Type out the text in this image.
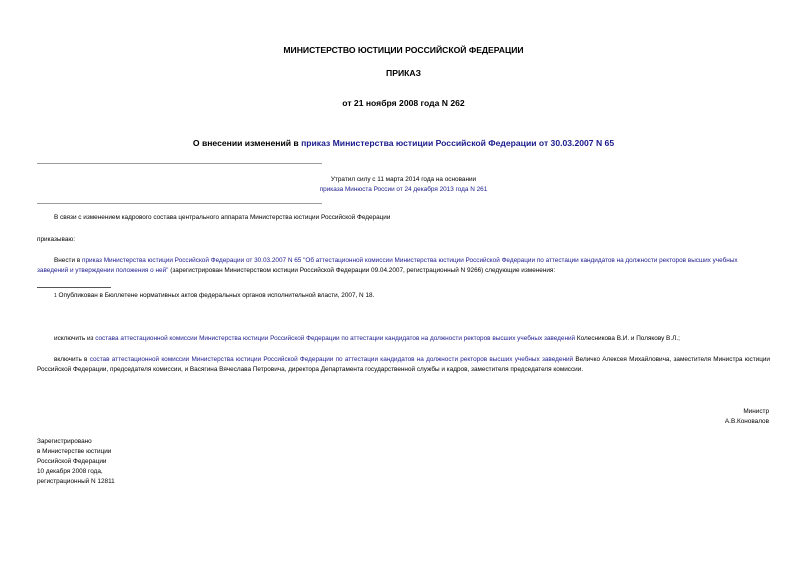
МИНИСТЕРСТВО ЮСТИЦИИ РОССИЙСКОЙ ФЕДЕРАЦИИ
ПРИКАЗ
от 21 ноября 2008 года N 262
О внесении изменений в приказ Министерства юстиции Российской Федерации от 30.03.2007 N 65
Утратил силу с 11 марта 2014 года на основании
приказа Минюста России от 24 декабря 2013 года N 261
В связи с изменением кадрового состава центрального аппарата Министерства юстиции Российской Федерации
приказываю:
Внести в приказ Министерства юстиции Российской Федерации от 30.03.2007 N 65 "Об аттестационной комиссии Министерства юстиции Российской Федерации по аттестации кандидатов на должности ректоров высших учебных заведений и утверждении положения о ней" (зарегистрирован Министерством юстиции Российской Федерации 09.04.2007, регистрационный N 9266) следующие изменения:
$^1$ Опубликован в Бюллетене нормативных актов федеральных органов исполнительной власти, 2007, N 18.
исключить из состава аттестационной комиссии Министерства юстиции Российской Федерации по аттестации кандидатов на должности ректоров высших учебных заведений Колесникова В.И. и Полякову В.Л.;
включить в состав аттестационной комиссии Министерства юстиции Российской Федерации по аттестации кандидатов на должности ректоров высших учебных заведений Величко Алексея Михайловича, заместителя Министра юстиции Российской Федерации, председателя комиссии, и Васягина Вячеслава Петровича, директора Департамента государственной службы и кадров, заместителя председателя комиссии.
Министр
А.В.Коновалов
Зарегистрировано
в Министерстве юстиции
Российской Федерации
10 декабря 2008 года,
регистрационный N 12811
